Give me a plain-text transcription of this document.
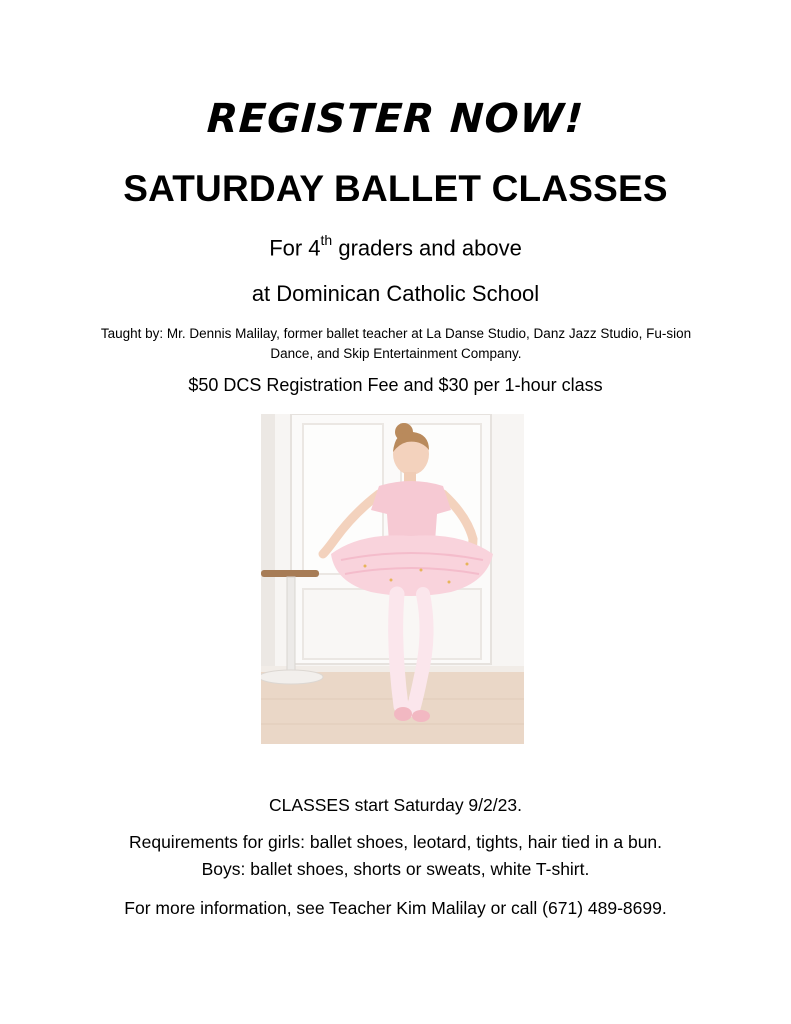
REGISTER NOW!
SATURDAY BALLET CLASSES
For 4th graders and above
at Dominican Catholic School
Taught by: Mr. Dennis Malilay, former ballet teacher at La Danse Studio, Danz Jazz Studio, Fu-sion Dance, and Skip Entertainment Company.
$50 DCS Registration Fee and $30 per 1-hour class
CLASSES start Saturday 9/2/23.
Requirements for girls: ballet shoes, leotard, tights, hair tied in a bun.
Boys: ballet shoes, shorts or sweats, white T-shirt.
For more information, see Teacher Kim Malilay or call (671) 489-8699.
